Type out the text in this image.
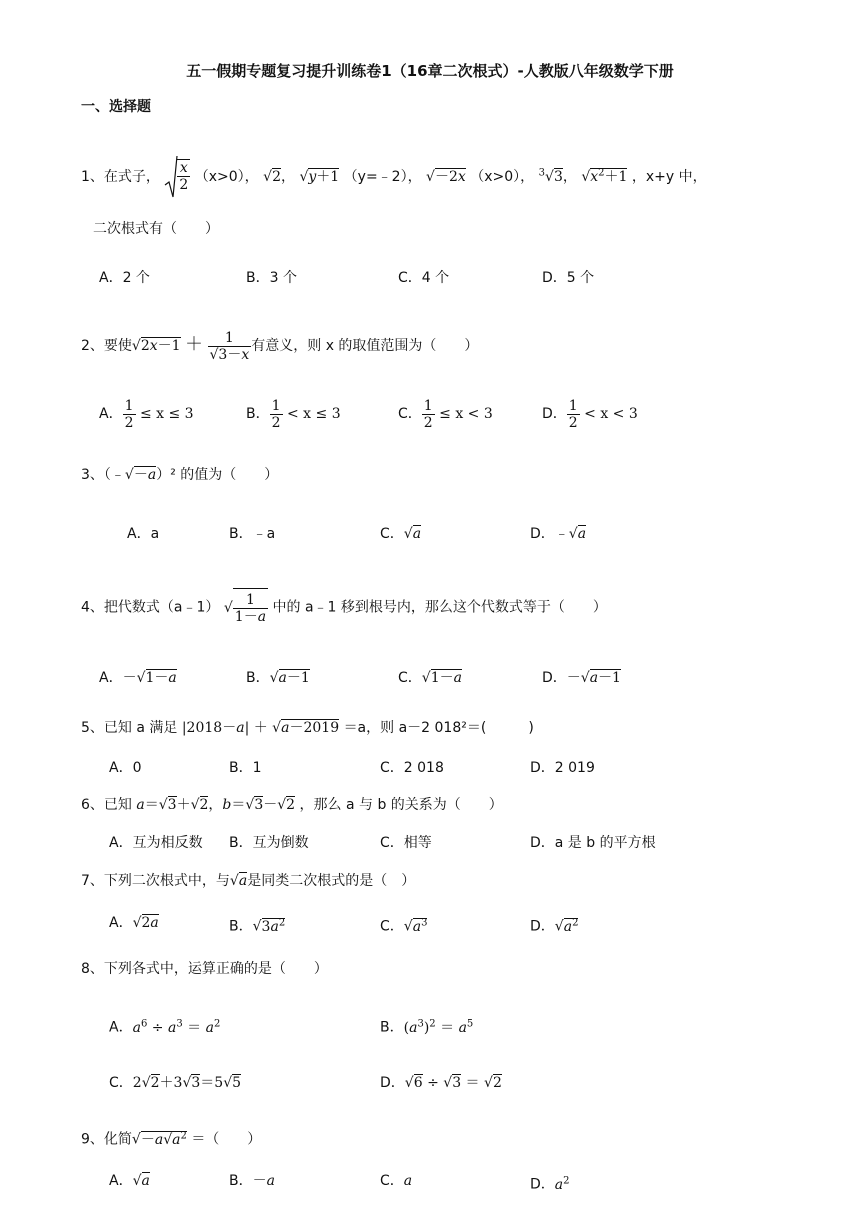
五一假期专题复习提升训练卷1（16章二次根式）-人教版八年级数学下册
一、选择题
1、在式子， $\frac{x}{2} (x>0)$， √2， √y＋1 （y=﹣2）， √－2x （x>0）， $^3$√3， $√x^2+1$ ，x+y 中，
二次根式有（　　）
A．2 个	B．3 个	C．4 个	D．5 个
2、要使$√2x-1 + \frac{1}{√3-x}$ 有意义，则 x 的取值范围为（　　）
A． $\frac{1}{2} \le x \le 3$	B． $\frac{1}{2} < x \le 3$	C． $\frac{1}{2} \le x < 3$	D． $\frac{1}{2} < x < 3$
3、（﹣√－a）² 的值为（　　）
A．a	B．﹣a	C．√a	D．﹣√a
4、把代数式（a﹣1） √ $\frac{1}{1-a}$ 中的 a﹣1 移到根号内，那么这个代数式等于（　　）
A．－√1－a	B．√a－1	C．√1－a	D．－√a－1
5、已知 a 满足 |2018－a| ＋ √a－2019 ＝a，则 a－2 018²＝(　　　)
A．0	B．1	C．2 018	D．2 019
6、已知 a＝√3＋√2，b＝√3－√2 ，那么 a 与 b 的关系为（　　）
A．互为相反数 B．互为倒数	C．相等	D．a 是 b 的平方根
7、下列二次根式中，与√a是同类二次根式的是（　）
A．√2a	B．$√3a^2$	C．$√a^3$	D．$√a^2$
8、下列各式中，运算正确的是（　　）
A．$a^6 \div a^3 = a^2$	B．$(a^3)^2 = a^5$
C．2√2＋3√3＝5√5	D．√6 ÷ √3 ＝ √2
9、化简$√-a√a^2$ ＝（　　）
A．√a	B．－a	C．a	D．$a^2$
